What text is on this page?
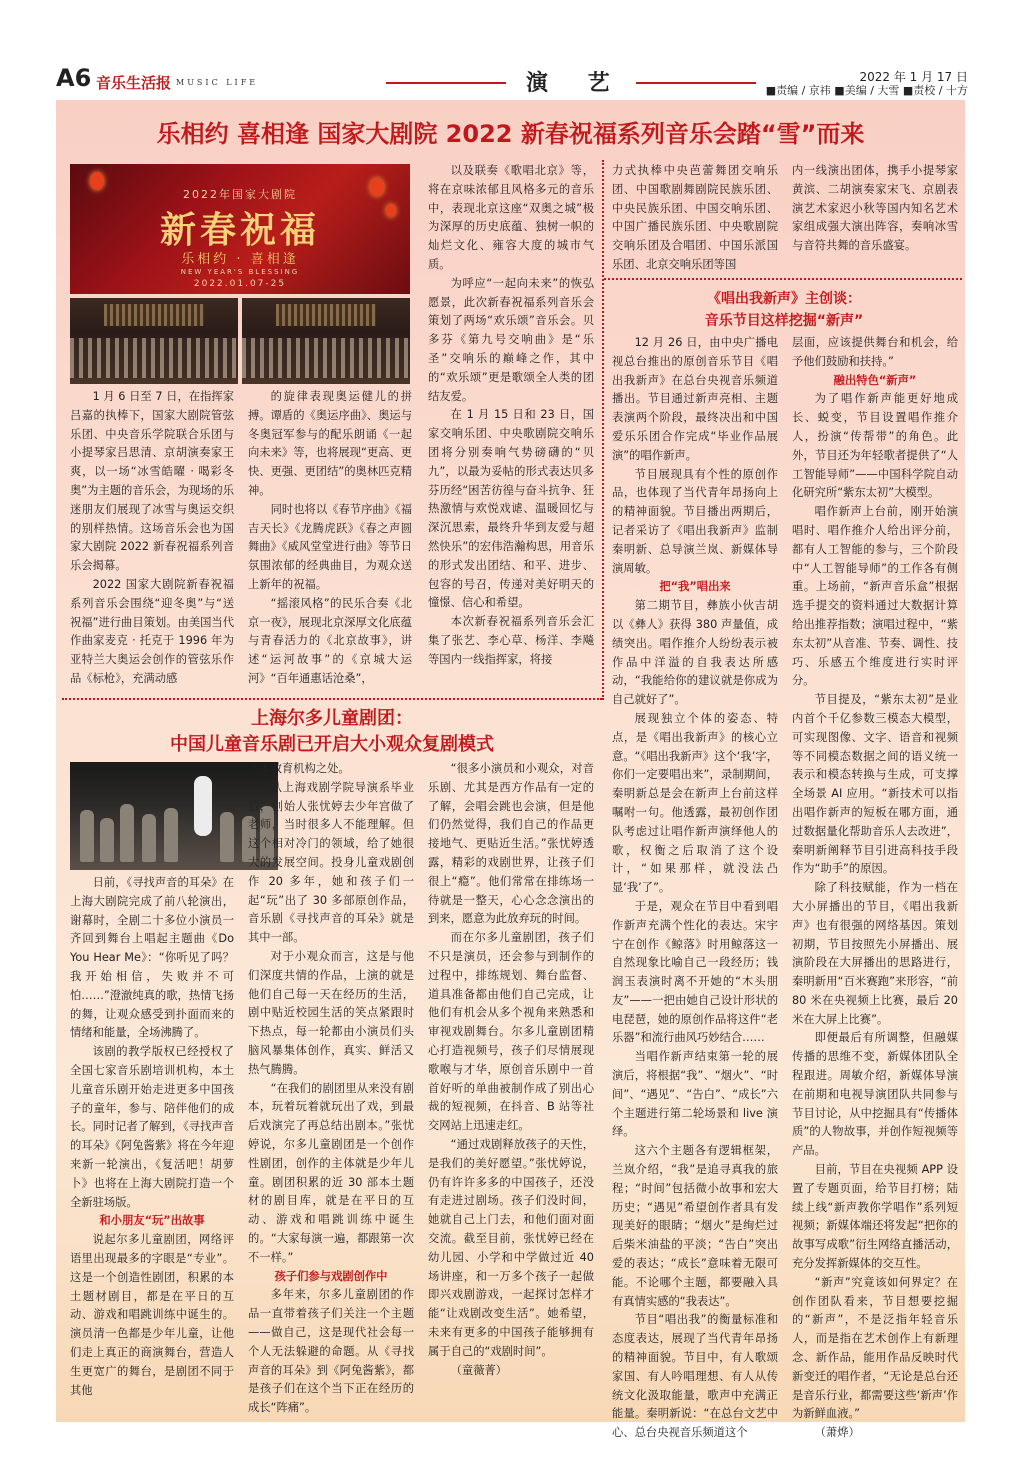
A6 音乐生活报 MUSIC LIFE	演 艺	2022 年 1 月 17 日
■责编 / 京祎 ■美编 / 大雪 ■责校 / 十方
乐相约 喜相逢 国家大剧院 2022 新春祝福系列音乐会踏“雪”而来
2022年国家大剧院
新春祝福
乐相约 · 喜相逢
NEW YEAR'S BLESSING
2022.01.07-25

1 月 6 日至 7 日，在指挥家吕嘉的执棒下，国家大剧院管弦乐团、中央音乐学院联合乐团与小提琴家吕思清、京胡演奏家王爽，以一场“冰雪皓曜 · 喝彩冬奥”为主题的音乐会，为现场的乐迷朋友们展现了冰雪与奥运交织的别样热情。这场音乐会也为国家大剧院 2022 新春祝福系列音乐会揭幕。

2022 国家大剧院新春祝福系列音乐会围绕“迎冬奥”与“送祝福”进行曲目策划。由美国当代作曲家麦克 · 托克于 1996 年为亚特兰大奥运会创作的管弦乐作品《标枪》，充满动感

的旋律表现奥运健儿的拼搏。谭盾的《奥运序曲》、奥运与冬奥冠军参与的配乐朗诵《一起向未来》等，也将展现“更高、更快、更强、更团结”的奥林匹克精神。

同时也将以《春节序曲》《福吉天长》《龙腾虎跃》《春之声圆舞曲》《威风堂堂进行曲》等节日氛围浓郁的经典曲目，为观众送上新年的祝福。

“摇滚风格”的民乐合奏《北京一夜》，展现北京深厚文化底蕴与青春活力的《北京故事》，讲述“运河故事”的《京城大运河》“百年通惠话沧桑”，

以及联奏《歌唱北京》等，将在京味浓郁且风格多元的音乐中，表现北京这座“双奥之城”极为深厚的历史底蕴、独树一帜的灿烂文化、雍容大度的城市气质。

为呼应“一起向未来”的恢弘愿景，此次新春祝福系列音乐会策划了两场“欢乐颂”音乐会。贝多芬《第九号交响曲》是“乐圣”交响乐的巅峰之作，其中的“欢乐颂”更是歌颂全人类的团结友爱。

在 1 月 15 日和 23 日，国家交响乐团、中央歌剧院交响乐团将分别奏响气势磅礴的“贝九”，以最为妥帖的形式表达贝多芬历经“困苦彷徨与奋斗抗争、狂热激情与欢悦戏谑、温暖回忆与深沉思索，最终升华到友爱与超然快乐”的宏伟浩瀚构思，用音乐的形式发出团结、和平、进步、包容的号召，传递对美好明天的憧憬、信心和希望。

本次新春祝福系列音乐会汇集了张艺、李心草、杨洋、李飚等国内一线指挥家，将接

力式执棒中央芭蕾舞团交响乐团、中国歌剧舞剧院民族乐团、中央民族乐团、中国交响乐团、中国广播民族乐团、中央歌剧院交响乐团及合唱团、中国乐派国乐团、北京交响乐团等国

内一线演出团体，携手小提琴家黄滨、二胡演奏家宋飞、京剧表演艺术家迟小秋等国内知名艺术家组成强大演出阵容，奏响冰雪与音符共舞的音乐盛宴。

《唱出我新声》主创谈：
音乐节目这样挖掘“新声”

12 月 26 日，由中央广播电视总台推出的原创音乐节目《唱出我新声》在总台央视音乐频道播出。节目通过新声亮相、主题表演两个阶段，最终决出和中国爱乐乐团合作完成“毕业作品展演”的唱作新声。

节目展现具有个性的原创作品，也体现了当代青年昂扬向上的精神面貌。节目播出两期后，记者采访了《唱出我新声》监制秦明新、总导演兰岚、新媒体导演周敏。

把“我”唱出来

第二期节目，彝族小伙吉胡以《彝人》获得 380 声量值，成绩突出。唱作推介人纷纷表示被作品中洋溢的自我表达所感动，“我能给你的建议就是你成为自己就好了”。

展现独立个体的姿态、特点，是《唱出我新声》的核心立意。“《唱出我新声》这个‘我’字，你们一定要唱出来”，录制期间，秦明新总是会在新声上台前这样嘱咐一句。他透露，最初创作团队考虑过让唱作新声演绎他人的歌，权衡之后取消了这个设计，“如果那样，就没法凸显‘我’了”。

于是，观众在节目中看到唱作新声充满个性化的表达。宋宇宁在创作《鲸落》时用鲸落这一自然现象比喻自己一段经历；钱润玉表演时离不开她的“木头朋友”——一把由她自己设计形状的电琵琶，她的原创作品将这件“老乐器”和流行曲风巧妙结合……

当唱作新声结束第一轮的展演后，将根据“我”、“烟火”、“时间”、“遇见”、“告白”、“成长”六个主题进行第二轮场景和 live 演绎。

这六个主题各有逻辑框架，兰岚介绍，“我”是追寻真我的旅程；“时间”包括微小故事和宏大历史；“遇见”希望创作者具有发现美好的眼睛；“烟火”是绚烂过后柴米油盐的平淡；“告白”突出爱的表达；“成长”意味着无限可能。不论哪个主题，都要融入具有真情实感的“我表达”。

节目“唱出我”的衡量标准和态度表达，展现了当代青年昂扬的精神面貌。节目中，有人歌颂家国、有人吟唱理想、有人从传统文化汲取能量，歌声中充满正能量。秦明新说：“在总台文艺中心、总台央视音乐频道这个

层面，应该提供舞台和机会，给予他们鼓励和扶持。”

融出特色“新声”

为了唱作新声能更好地成长、蜕变，节目设置唱作推介人，扮演“传帮带”的角色。此外，节目还为年轻歌者提供了“人工智能导师”——中国科学院自动化研究所“紫东太初”大模型。

唱作新声上台前，刚开始演唱时、唱作推介人给出评分前，都有人工智能的参与，三个阶段中“人工智能导师”的工作各有侧重。上场前，“新声音乐盒”根据选手提交的资料通过大数据计算给出推荐指数；演唱过程中，“紫东太初”从音准、节奏、调性、技巧、乐感五个维度进行实时评分。

节目提及，“紫东太初”是业内首个千亿参数三模态大模型，可实现图像、文字、语音和视频等不同模态数据之间的语义统一表示和模态转换与生成，可支撑全场景 AI 应用。“新技术可以指出唱作新声的短板在哪方面，通过数据量化帮助音乐人去改进”，秦明新阐释节目引进高科技手段作为“助手”的原因。

除了科技赋能，作为一档在大小屏播出的节目，《唱出我新声》也有很强的网络基因。策划初期，节目按照先小屏播出、展演阶段在大屏播出的思路进行，秦明新用“百米赛跑”来形容，“前 80 米在央视频上比赛，最后 20 米在大屏上比赛”。

即便最后有所调整，但融媒传播的思维不变，新媒体团队全程跟进。周敏介绍，新媒体导演在前期和电视导演团队共同参与节目讨论，从中挖掘具有“传播体质”的人物故事，并创作短视频等产品。

目前，节目在央视频 APP 设置了专题页面，给节目打榜；陆续上线“新声教你学唱作”系列短视频；新媒体端还将发起“把你的故事写成歌”衍生网络直播活动，充分发挥新媒体的交互性。

“新声”究竟该如何界定？在创作团队看来，节目想要挖掘的“新声”，不是泛指年轻音乐人，而是指在艺术创作上有新理念、新作品，能用作品反映时代新变迁的唱作者，“无论是总台还是音乐行业，都需要这些‘新声’作为新鲜血液。”

（萧烨）

上海尔多儿童剧团：
中国儿童音乐剧已开启大小观众复剧模式

日前，《寻找声音的耳朵》在上海大剧院完成了前八轮演出，谢幕时，全剧二十多位小演员一齐回到舞台上唱起主题曲《Do You Hear Me》：“你听见了吗？我开始相信，失败并不可怕……”澄澈纯真的歌，热情飞扬的舞，让观众感受到扑面而来的情绪和能量，全场沸腾了。

该剧的教学版权已经授权了全国七家音乐剧培训机构，本土儿童音乐剧开始走进更多中国孩子的童年，参与、陪伴他们的成长。同时记者了解到，《寻找声音的耳朵》《阿兔酱紫》将在今年迎来新一轮演出，《复活吧！胡萝卜》也将在上海大剧院打造一个全新驻场版。

和小朋友“玩”出故事

说起尔多儿童剧团，网络评语里出现最多的字眼是“专业”。这是一个创造性剧团，积累的本土题材剧目，都是在平日的互动、游戏和唱跳训练中诞生的。演员清一色都是少年儿童，让他们走上真正的商演舞台，营造人生更宽广的舞台，是剧团不同于其他

艺术教育机构之处。

从上海戏剧学院导演系毕业后，创始人张忧婷去少年宫做了老师，当时很多人不能理解。但这个相对冷门的领域，给了她很大的发展空间。投身儿童戏剧创作 20 多年，她和孩子们一起“玩”出了 30 多部原创作品，音乐剧《寻找声音的耳朵》就是其中一部。

对于小观众而言，这是与他们深度共情的作品，上演的就是他们自己每一天在经历的生活，剧中贴近校园生活的笑点紧跟时下热点，每一轮都由小演员们头脑风暴集体创作，真实、鲜活又热气腾腾。

“在我们的剧团里从来没有剧本，玩着玩着就玩出了戏，到最后戏演完了再总结出剧本。”张忧婷说，尔多儿童剧团是一个创作性剧团，创作的主体就是少年儿童。剧团积累的近 30 部本土题材的剧目库，就是在平日的互动、游戏和唱跳训练中诞生的。“大家每演一遍，都跟第一次不一样。”

孩子们参与戏剧创作中

多年来，尔多儿童剧团的作品一直带着孩子们关注一个主题——做自己，这是现代社会每一个人无法躲避的命题。从《寻找声音的耳朵》到《阿兔酱紫》，都是孩子们在这个当下正在经历的成长“阵痛”。

“很多小演员和小观众，对音乐剧、尤其是西方作品有一定的了解，会唱会跳也会演，但是他们仍然觉得，我们自己的作品更接地气、更贴近生活。”张忧婷透露，精彩的戏剧世界，让孩子们很上“瘾”。他们常常在排练场一待就是一整天，心心念念演出的到来，愿意为此放弃玩的时间。

而在尔多儿童剧团，孩子们不只是演员，还会参与到制作的过程中，排练规划、舞台监督、道具准备都由他们自己完成，让他们有机会从多个视角来熟悉和审视戏剧舞台。尔多儿童剧团精心打造视频号，孩子们尽情展现歌喉与才华，原创音乐剧中一首首好听的单曲被制作成了别出心裁的短视频，在抖音、B 站等社交网站上迅速走红。

“通过戏剧释放孩子的天性，是我们的美好愿望。”张忧婷说，仍有许许多多的中国孩子，还没有走进过剧场。孩子们没时间，她就自己上门去，和他们面对面交流。截至目前，张忧婷已经在幼儿园、小学和中学做过近 40 场讲座，和一万多个孩子一起做即兴戏剧游戏，一起探讨怎样才能“让戏剧改变生活”。她希望，未来有更多的中国孩子能够拥有属于自己的“戏剧时间”。

（童薇菁）
